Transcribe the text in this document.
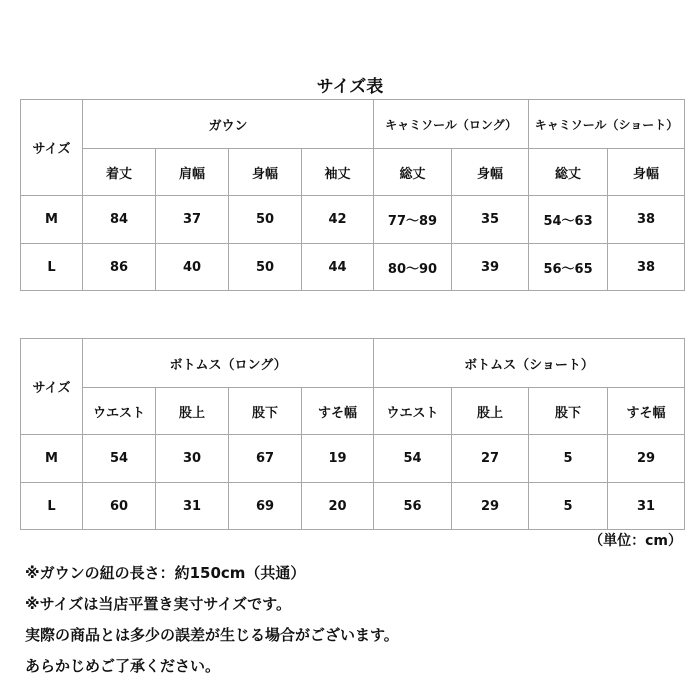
サイズ表
サイズ	ガウン				キャミソール（ロング）		キャミソール（ショート）	
	着丈	肩幅	身幅	袖丈	総丈	身幅	総丈	身幅
M	84	37	50	42	77〜89	35	54〜63	38
L	86	40	50	44	80〜90	39	56〜65	38
サイズ	ボトムス（ロング）				ボトムス（ショート）			
	ウエスト	股上	股下	すそ幅	ウエスト	股上	股下	すそ幅
M	54	30	67	19	54	27	5	29
L	60	31	69	20	56	29	5	31
（単位：cm）
※ガウンの紐の長さ：約150cm（共通）
※サイズは当店平置き実寸サイズです。
実際の商品とは多少の誤差が生じる場合がございます。
あらかじめご了承ください。
